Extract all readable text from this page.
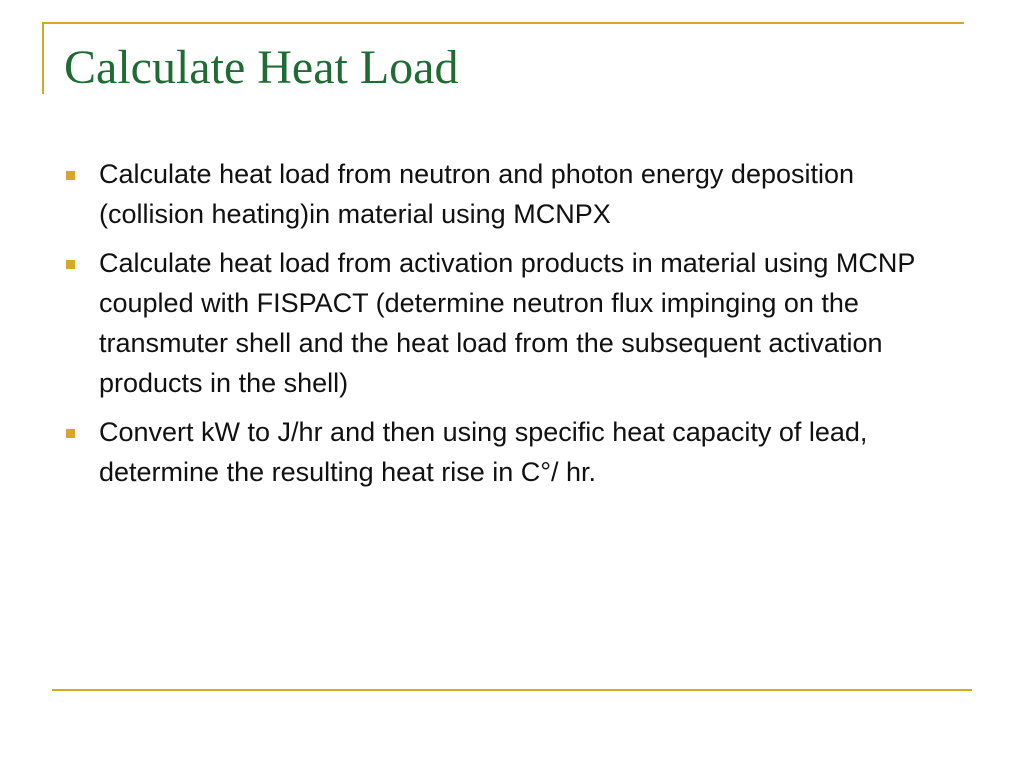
Calculate Heat Load
Calculate heat load from neutron and photon energy deposition (collision heating)in material using MCNPX
Calculate heat load from activation products in material using MCNP coupled with FISPACT (determine neutron flux impinging on the transmuter shell and the heat load from the subsequent activation products in the shell)
Convert kW to J/hr and then using specific heat capacity of lead, determine the resulting heat rise in C°/ hr.
